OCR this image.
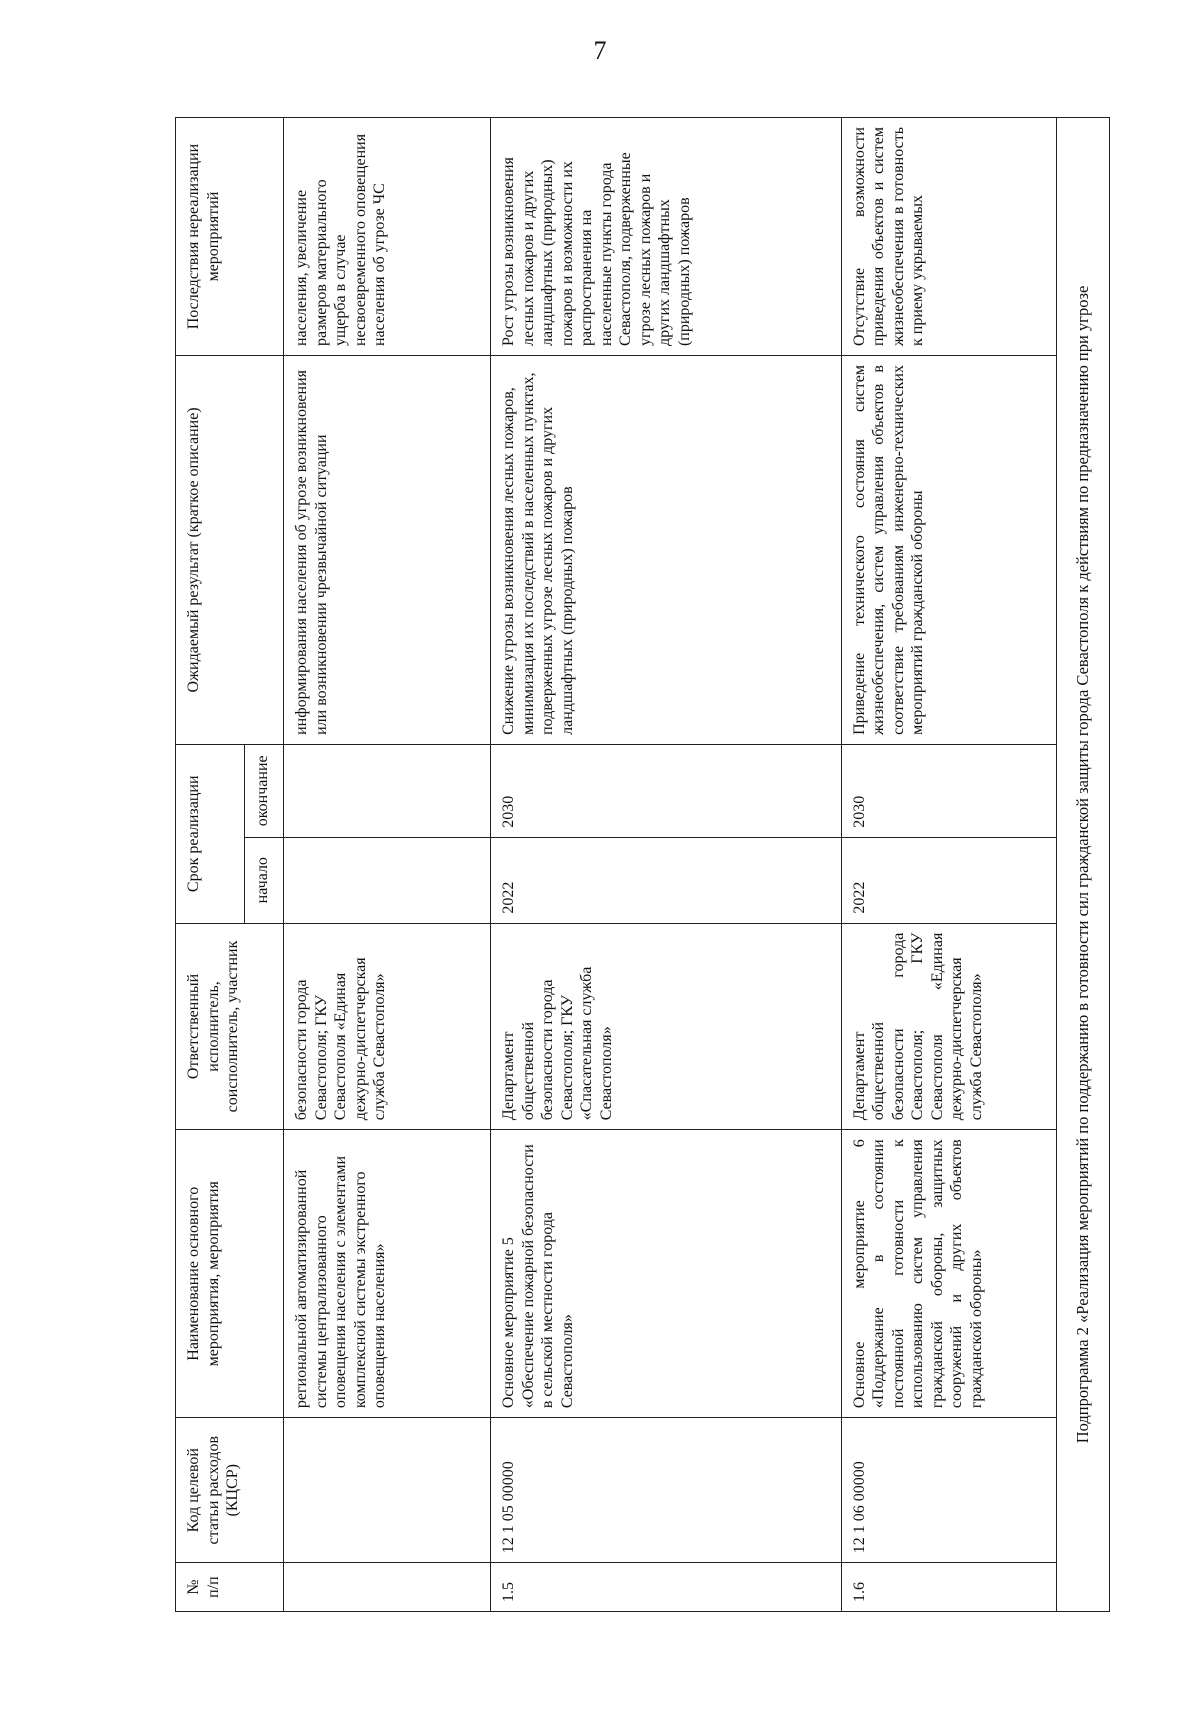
7
№ п/п	Код целевой статьи расходов (КЦСР)	Наименование основного мероприятия, мероприятия	Ответственный исполнитель, соисполнитель, участник	Срок реализации		Ожидаемый результат (краткое описание)	Последствия нереализации мероприятий
				начало	окончание		
		региональной автоматизированной системы централизованного оповещения населения с элементами комплексной системы экстренного оповещения населения»	безопасности города Севастополя; ГКУ Севастополя «Единая дежурно-диспетчерская служба Севастополя»			информирования населения об угрозе возникновения или возникновении чрезвычайной ситуации	населения, увеличение размеров материального ущерба в случае несвоевременного оповещения населения об угрозе ЧС
1.5	12 1 05 00000	Основное мероприятие 5 «Обеспечение пожарной безопасности в сельской местности города Севастополя»	Департамент общественной безопасности города Севастополя; ГКУ «Спасательная служба Севастополя»	2022	2030	Снижение угрозы возникновения лесных пожаров, минимизация их последствий в населенных пунктах, подверженных угрозе лесных пожаров и других ландшафтных (природных) пожаров	Рост угрозы возникновения лесных пожаров и других ландшафтных (природных) пожаров и возможности их распространения на населенные пункты города Севастополя, подверженные угрозе лесных пожаров и других ландшафтных (природных) пожаров
1.6	12 1 06 00000	Основное мероприятие 6 «Поддержание в состоянии постоянной готовности к использованию систем управления гражданской обороны, защитных сооружений и других объектов гражданской обороны»	Департамент общественной безопасности города Севастополя; ГКУ Севастополя «Единая дежурно-диспетчерская служба Севастополя»	2022	2030	Приведение технического состояния систем жизнеобеспечения, систем управления объектов в соответствие требованиям инженерно-технических мероприятий гражданской обороны	Отсутствие возможности приведения объектов и систем жизнеобеспечения в готовность к приему укрываемых
Подпрограмма 2 «Реализация мероприятий по поддержанию в готовности сил гражданской защиты города Севастополя к действиям по предназначению при угрозе							
